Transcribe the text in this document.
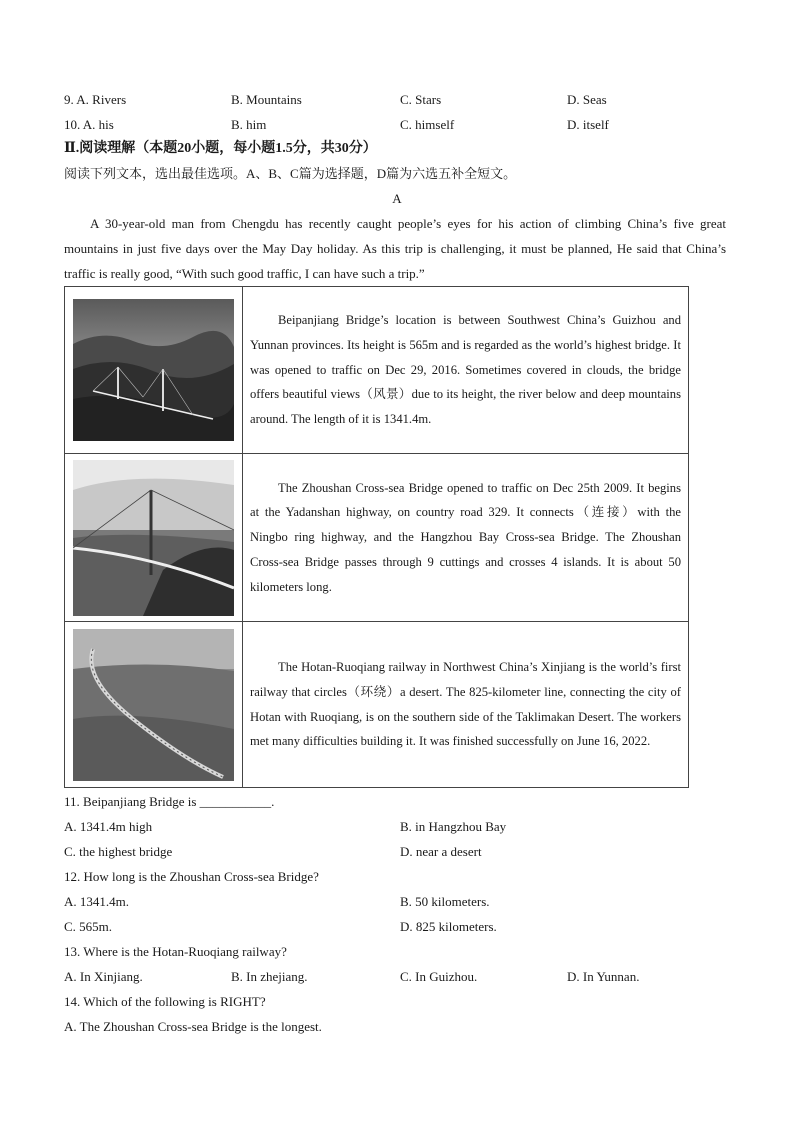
9. A. Rivers	B. Mountains	C. Stars	D. Seas
10. A. his	B. him	C. himself	D. itself
Ⅱ.阅读理解（本题20小题，每小题1.5分，共30分）
阅读下列文本，选出最佳选项。A、B、C篇为选择题，D篇为六选五补全短文。
A
A 30-year-old man from Chengdu has recently caught people’s eyes for his action of climbing China’s five great mountains in just five days over the May Day holiday. As this trip is challenging, it must be planned, He said that China’s traffic is really good, “With such good traffic, I can have such a trip.”
	Beipanjiang Bridge’s location is between Southwest China’s Guizhou and Yunnan provinces. Its height is 565m and is regarded as the world’s highest bridge. It was opened to traffic on Dec 29, 2016. Sometimes covered in clouds, the bridge offers beautiful views（风景）due to its height, the river below and deep mountains around. The length of it is 1341.4m.

	The Zhoushan Cross-sea Bridge opened to traffic on Dec 25th 2009. It begins at the Yadanshan highway, on country road 329. It connects（连接）with the Ningbo ring highway, and the Hangzhou Bay Cross-sea Bridge. The Zhoushan Cross-sea Bridge passes through 9 cuttings and crosses 4 islands. It is about 50 kilometers long.

	The Hotan-Ruoqiang railway in Northwest China’s Xinjiang is the world’s first railway that circles（环绕）a desert. The 825-kilometer line, connecting the city of Hotan with Ruoqiang, is on the southern side of the Taklimakan Desert. The workers met many difficulties building it. It was finished successfully on June 16, 2022.
11. Beipanjiang Bridge is ___________.
A. 1341.4m high	B. in Hangzhou Bay
C. the highest bridge	D. near a desert
12. How long is the Zhoushan Cross-sea Bridge?
A. 1341.4m.	B. 50 kilometers.
C. 565m.	D. 825 kilometers.
13. Where is the Hotan-Ruoqiang railway?
A. In Xinjiang.	B. In zhejiang.	C. In Guizhou.	D. In Yunnan.
14. Which of the following is RIGHT?
A. The Zhoushan Cross-sea Bridge is the longest.
